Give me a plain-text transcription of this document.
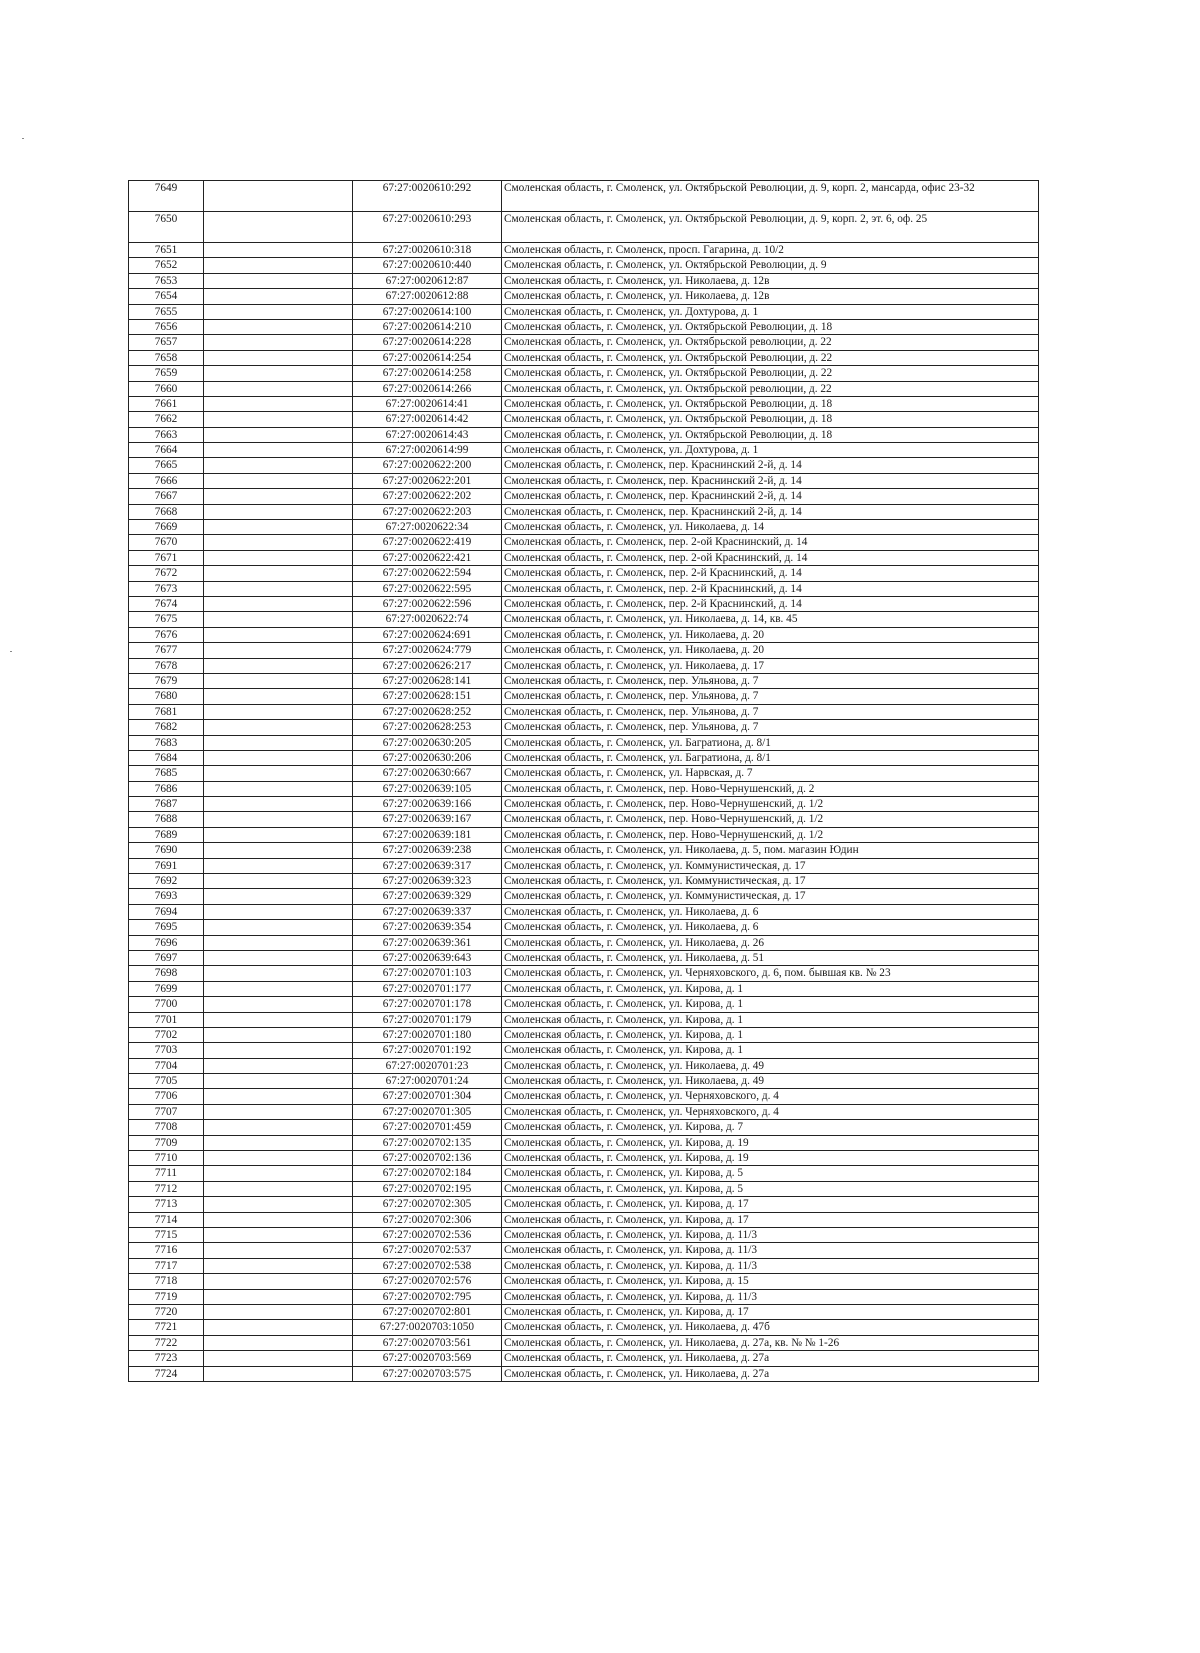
7649		67:27:0020610:292	Смоленская область, г. Смоленск, ул. Октябрьской Революции, д. 9, корп. 2, мансарда, офис 23-32
7650		67:27:0020610:293	Смоленская область, г. Смоленск, ул. Октябрьской Революции, д. 9, корп. 2, эт. 6, оф. 25
7651		67:27:0020610:318	Смоленская область, г. Смоленск, просп. Гагарина, д. 10/2
7652		67:27:0020610:440	Смоленская область, г. Смоленск, ул. Октябрьской Революции, д. 9
7653		67:27:0020612:87	Смоленская область, г. Смоленск, ул. Николаева, д. 12в
7654		67:27:0020612:88	Смоленская область, г. Смоленск, ул. Николаева, д. 12в
7655		67:27:0020614:100	Смоленская область, г. Смоленск, ул. Дохтурова, д. 1
7656		67:27:0020614:210	Смоленская область, г. Смоленск, ул. Октябрьской Революции, д. 18
7657		67:27:0020614:228	Смоленская область, г. Смоленск, ул. Октябрьской революции, д. 22
7658		67:27:0020614:254	Смоленская область, г. Смоленск, ул. Октябрьской Революции, д. 22
7659		67:27:0020614:258	Смоленская область, г. Смоленск, ул. Октябрьской Революции, д. 22
7660		67:27:0020614:266	Смоленская область, г. Смоленск, ул. Октябрьской революции, д. 22
7661		67:27:0020614:41	Смоленская область, г. Смоленск, ул. Октябрьской Революции, д. 18
7662		67:27:0020614:42	Смоленская область, г. Смоленск, ул. Октябрьской Революции, д. 18
7663		67:27:0020614:43	Смоленская область, г. Смоленск, ул. Октябрьской Революции, д. 18
7664		67:27:0020614:99	Смоленская область, г. Смоленск, ул. Дохтурова, д. 1
7665		67:27:0020622:200	Смоленская область, г. Смоленск, пер. Краснинский 2-й, д. 14
7666		67:27:0020622:201	Смоленская область, г. Смоленск, пер. Краснинский 2-й, д. 14
7667		67:27:0020622:202	Смоленская область, г. Смоленск, пер. Краснинский 2-й, д. 14
7668		67:27:0020622:203	Смоленская область, г. Смоленск, пер. Краснинский 2-й, д. 14
7669		67:27:0020622:34	Смоленская область, г. Смоленск, ул. Николаева, д. 14
7670		67:27:0020622:419	Смоленская область, г. Смоленск, пер. 2-ой Краснинский, д. 14
7671		67:27:0020622:421	Смоленская область, г. Смоленск, пер. 2-ой Краснинский, д. 14
7672		67:27:0020622:594	Смоленская область, г. Смоленск, пер. 2-й Краснинский, д. 14
7673		67:27:0020622:595	Смоленская область, г. Смоленск, пер. 2-й Краснинский, д. 14
7674		67:27:0020622:596	Смоленская область, г. Смоленск, пер. 2-й Краснинский, д. 14
7675		67:27:0020622:74	Смоленская область, г. Смоленск, ул. Николаева, д. 14, кв. 45
7676		67:27:0020624:691	Смоленская область, г. Смоленск, ул. Николаева, д. 20
7677		67:27:0020624:779	Смоленская область, г. Смоленск, ул. Николаева, д. 20
7678		67:27:0020626:217	Смоленская область, г. Смоленск, ул. Николаева, д. 17
7679		67:27:0020628:141	Смоленская область, г. Смоленск, пер. Ульянова, д. 7
7680		67:27:0020628:151	Смоленская область, г. Смоленск, пер. Ульянова, д. 7
7681		67:27:0020628:252	Смоленская область, г. Смоленск, пер. Ульянова, д. 7
7682		67:27:0020628:253	Смоленская область, г. Смоленск, пер. Ульянова, д. 7
7683		67:27:0020630:205	Смоленская область, г. Смоленск, ул. Багратиона, д. 8/1
7684		67:27:0020630:206	Смоленская область, г. Смоленск, ул. Багратиона, д. 8/1
7685		67:27:0020630:667	Смоленская область, г. Смоленск, ул. Нарвская, д. 7
7686		67:27:0020639:105	Смоленская область, г. Смоленск, пер. Ново-Чернушенский, д. 2
7687		67:27:0020639:166	Смоленская область, г. Смоленск, пер. Ново-Чернушенский, д. 1/2
7688		67:27:0020639:167	Смоленская область, г. Смоленск, пер. Ново-Чернушенский, д. 1/2
7689		67:27:0020639:181	Смоленская область, г. Смоленск, пер. Ново-Чернушенский, д. 1/2
7690		67:27:0020639:238	Смоленская область, г. Смоленск, ул. Николаева, д. 5, пом. магазин Юдин
7691		67:27:0020639:317	Смоленская область, г. Смоленск, ул. Коммунистическая, д. 17
7692		67:27:0020639:323	Смоленская область, г. Смоленск, ул. Коммунистическая, д. 17
7693		67:27:0020639:329	Смоленская область, г. Смоленск, ул. Коммунистическая, д. 17
7694		67:27:0020639:337	Смоленская область, г. Смоленск, ул. Николаева, д. 6
7695		67:27:0020639:354	Смоленская область, г. Смоленск, ул. Николаева, д. 6
7696		67:27:0020639:361	Смоленская область, г. Смоленск, ул. Николаева, д. 26
7697		67:27:0020639:643	Смоленская область, г. Смоленск, ул. Николаева, д. 51
7698		67:27:0020701:103	Смоленская область, г. Смоленск, ул. Черняховского, д. 6, пом. бывшая кв. № 23
7699		67:27:0020701:177	Смоленская область, г. Смоленск, ул. Кирова, д. 1
7700		67:27:0020701:178	Смоленская область, г. Смоленск, ул. Кирова, д. 1
7701		67:27:0020701:179	Смоленская область, г. Смоленск, ул. Кирова, д. 1
7702		67:27:0020701:180	Смоленская область, г. Смоленск, ул. Кирова, д. 1
7703		67:27:0020701:192	Смоленская область, г. Смоленск, ул. Кирова, д. 1
7704		67:27:0020701:23	Смоленская область, г. Смоленск, ул. Николаева, д. 49
7705		67:27:0020701:24	Смоленская область, г. Смоленск, ул. Николаева, д. 49
7706		67:27:0020701:304	Смоленская область, г. Смоленск, ул. Черняховского, д. 4
7707		67:27:0020701:305	Смоленская область, г. Смоленск, ул. Черняховского, д. 4
7708		67:27:0020701:459	Смоленская область, г. Смоленск, ул. Кирова, д. 7
7709		67:27:0020702:135	Смоленская область, г. Смоленск, ул. Кирова, д. 19
7710		67:27:0020702:136	Смоленская область, г. Смоленск, ул. Кирова, д. 19
7711		67:27:0020702:184	Смоленская область, г. Смоленск, ул. Кирова, д. 5
7712		67:27:0020702:195	Смоленская область, г. Смоленск, ул. Кирова, д. 5
7713		67:27:0020702:305	Смоленская область, г. Смоленск, ул. Кирова, д. 17
7714		67:27:0020702:306	Смоленская область, г. Смоленск, ул. Кирова, д. 17
7715		67:27:0020702:536	Смоленская область, г. Смоленск, ул. Кирова, д. 11/3
7716		67:27:0020702:537	Смоленская область, г. Смоленск, ул. Кирова, д. 11/3
7717		67:27:0020702:538	Смоленская область, г. Смоленск, ул. Кирова, д. 11/3
7718		67:27:0020702:576	Смоленская область, г. Смоленск, ул. Кирова, д. 15
7719		67:27:0020702:795	Смоленская область, г. Смоленск, ул. Кирова, д. 11/3
7720		67:27:0020702:801	Смоленская область, г. Смоленск, ул. Кирова, д. 17
7721		67:27:0020703:1050	Смоленская область, г. Смоленск, ул. Николаева, д. 47б
7722		67:27:0020703:561	Смоленская область, г. Смоленск, ул. Николаева, д. 27а, кв. № № 1-26
7723		67:27:0020703:569	Смоленская область, г. Смоленск, ул. Николаева, д. 27а
7724		67:27:0020703:575	Смоленская область, г. Смоленск, ул. Николаева, д. 27а
